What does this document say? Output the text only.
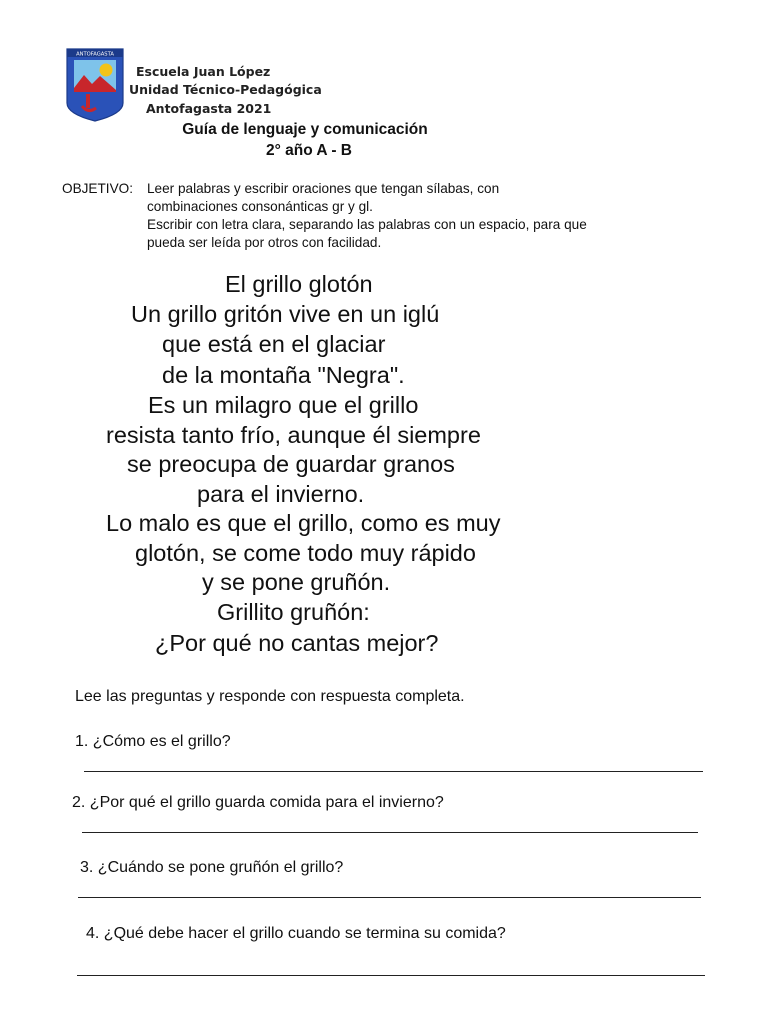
ANTOFAGASTA
Escuela Juan López
Unidad Técnico-Pedagógica
Antofagasta 2021
Guía de lenguaje y comunicación
2° año A - B
OBJETIVO: Leer palabras y escribir oraciones que tengan sílabas, con
combinaciones consonánticas gr y gl.
Escribir con letra clara, separando las palabras con un espacio, para que
pueda ser leída por otros con facilidad.
El grillo glotón
Un grillo gritón vive en un iglú
que está en el glaciar
de la montaña "Negra".
Es un milagro que el grillo
resista tanto frío, aunque él siempre
se preocupa de guardar granos
para el invierno.
Lo malo es que el grillo, como es muy
glotón, se come todo muy rápido
y se pone gruñón.
Grillito gruñón:
¿Por qué no cantas mejor?
Lee las preguntas y responde con respuesta completa.
1. ¿Cómo es el grillo?
2. ¿Por qué el grillo guarda comida para el invierno?
3. ¿Cuándo se pone gruñón el grillo?
4. ¿Qué debe hacer el grillo cuando se termina su comida?
